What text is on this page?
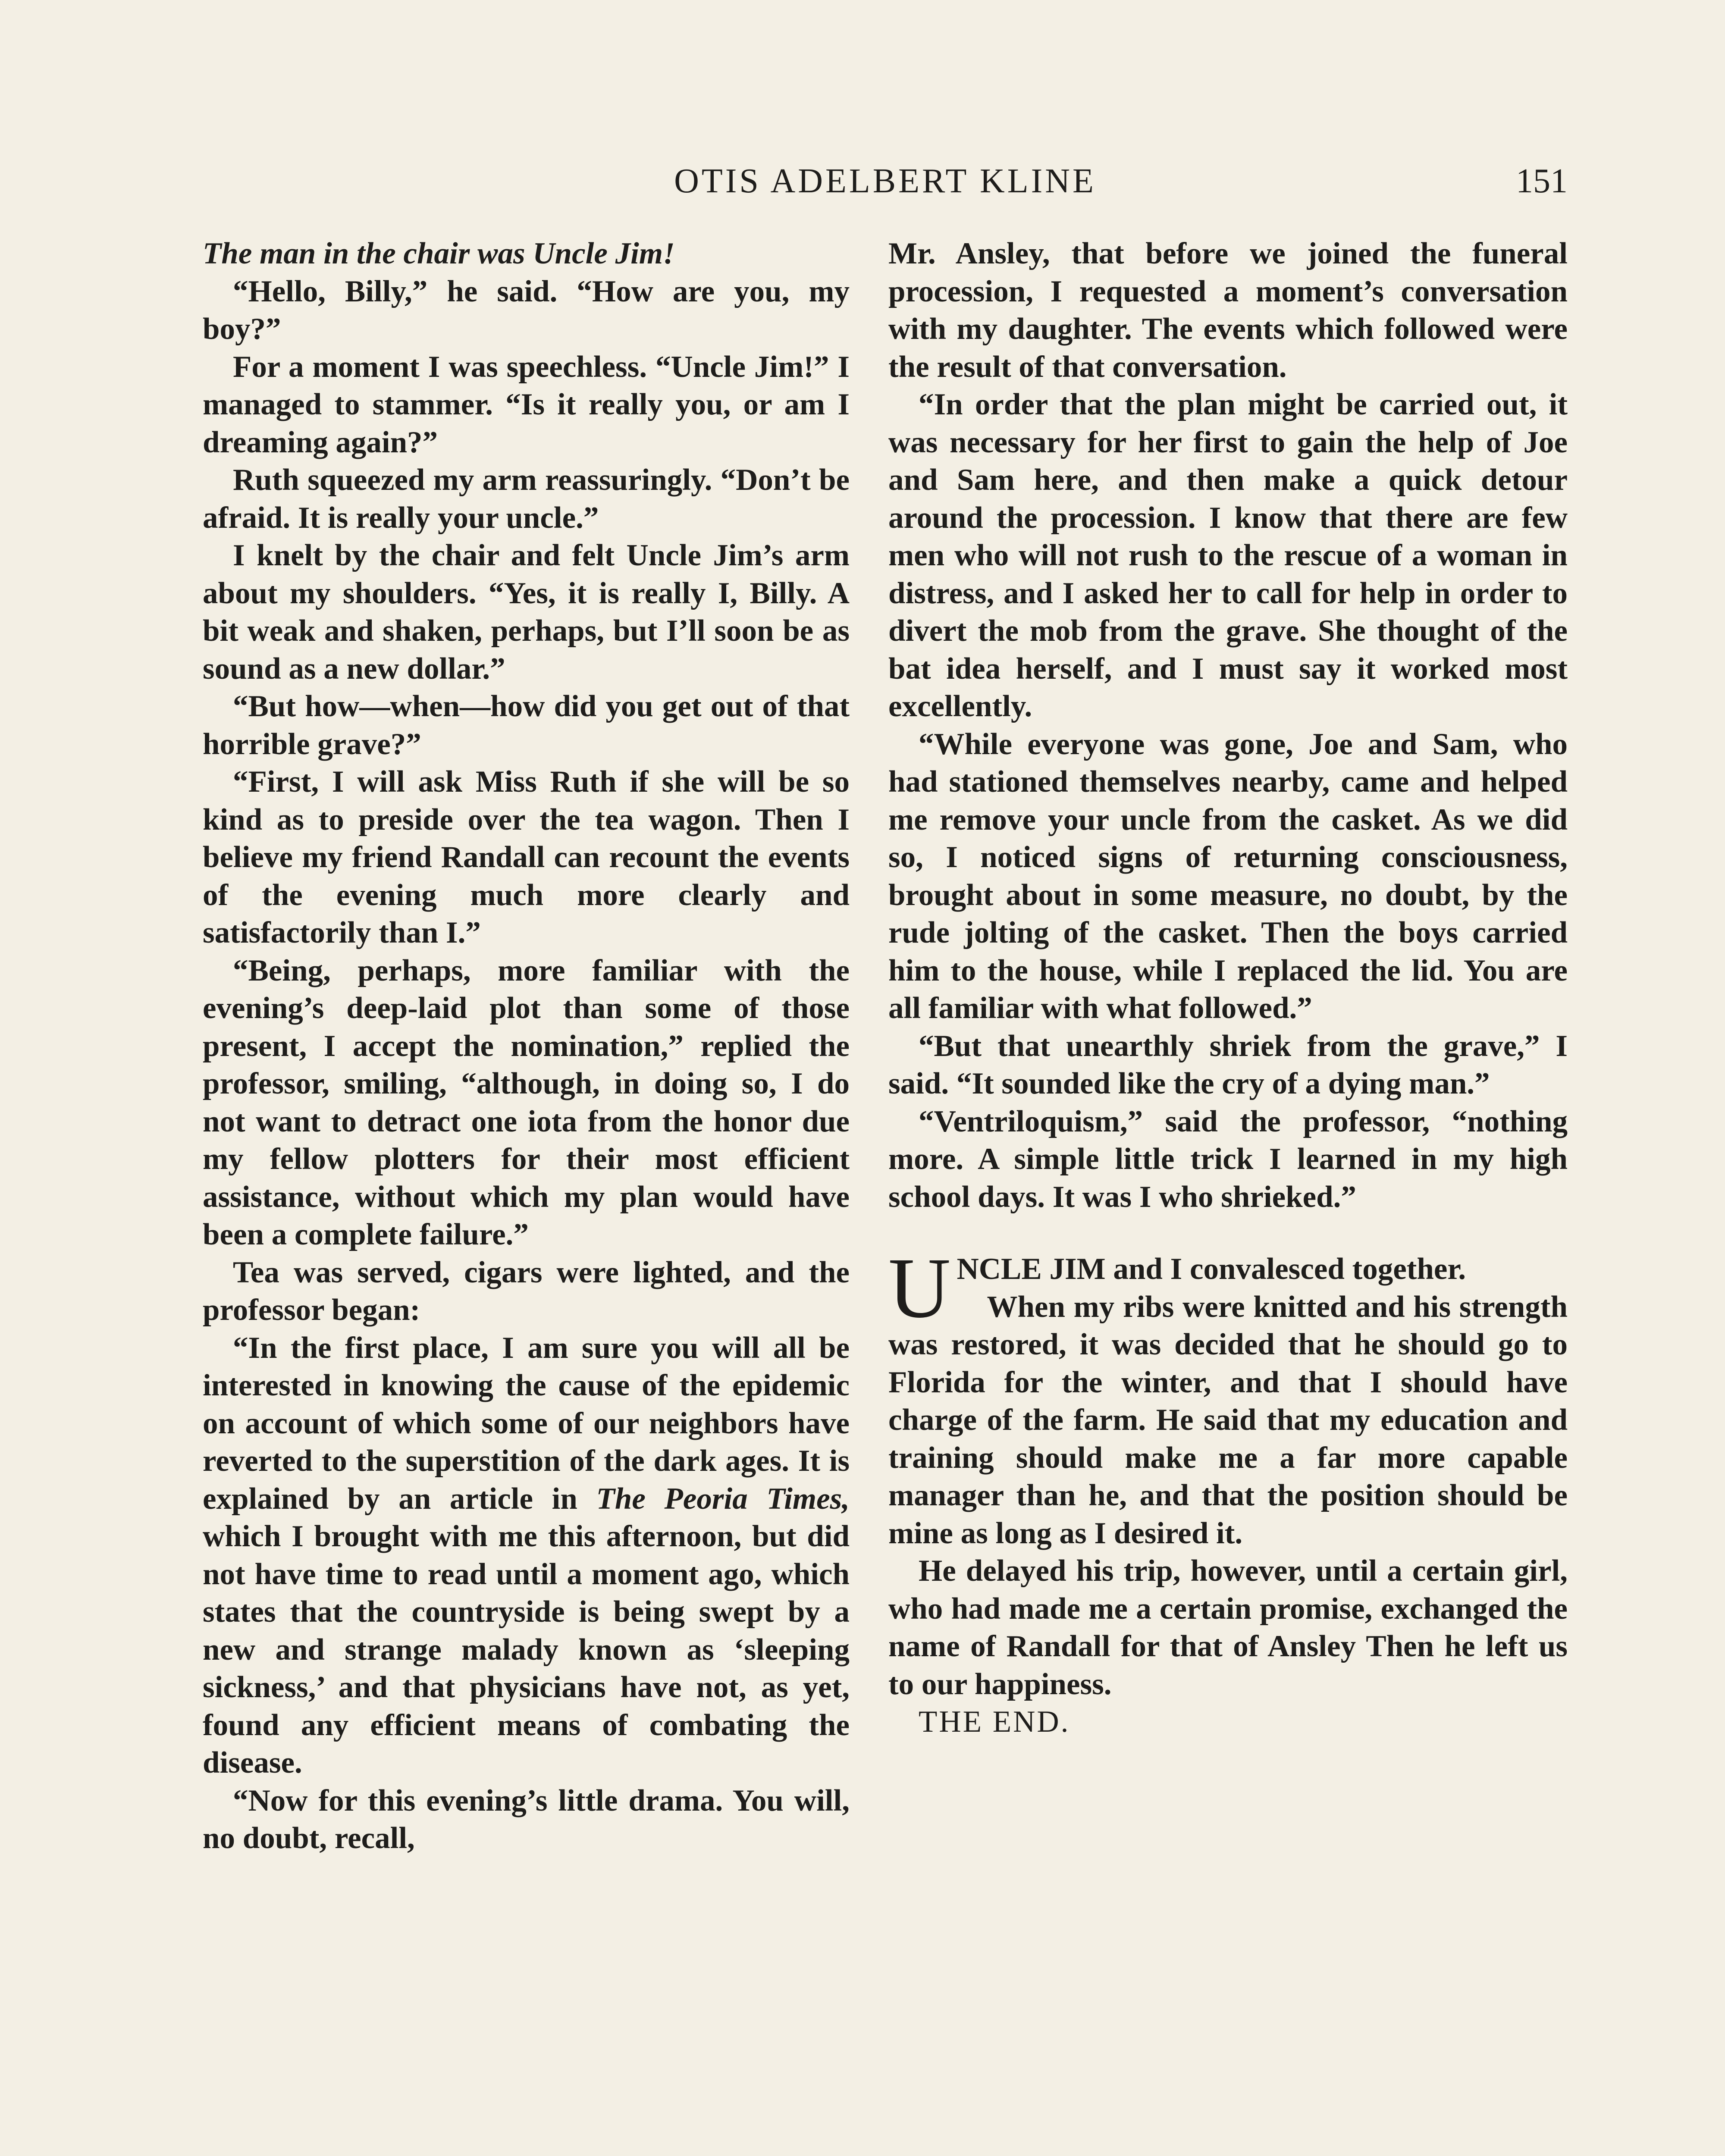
OTIS ADELBERT KLINE	151

The man in the chair was Uncle Jim!

“Hello, Billy,” he said. “How are you, my boy?”

For a moment I was speechless. “Uncle Jim!” I managed to stammer. “Is it really you, or am I dreaming again?”

Ruth squeezed my arm reassuringly. “Don’t be afraid. It is really your uncle.”

I knelt by the chair and felt Uncle Jim’s arm about my shoulders. “Yes, it is really I, Billy. A bit weak and shaken, perhaps, but I’ll soon be as sound as a new dollar.”

“But how—when—how did you get out of that horrible grave?”

“First, I will ask Miss Ruth if she will be so kind as to preside over the tea wagon. Then I believe my friend Randall can recount the events of the evening much more clearly and satisfactorily than I.”

“Being, perhaps, more familiar with the evening’s deep-laid plot than some of those present, I accept the nomination,” replied the professor, smiling, “although, in doing so, I do not want to detract one iota from the honor due my fellow plotters for their most efficient assistance, without which my plan would have been a complete failure.”

Tea was served, cigars were lighted, and the professor began:

“In the first place, I am sure you will all be interested in knowing the cause of the epidemic on account of which some of our neighbors have reverted to the superstition of the dark ages. It is explained by an article in The Peoria Times, which I brought with me this afternoon, but did not have time to read until a moment ago, which states that the countryside is being swept by a new and strange malady known as ‘sleeping sickness,’ and that physicians have not, as yet, found any efficient means of combating the disease.

“Now for this evening’s little drama. You will, no doubt, recall,

Mr. Ansley, that before we joined the funeral procession, I requested a moment’s conversation with my daughter. The events which followed were the result of that conversation.

“In order that the plan might be carried out, it was necessary for her first to gain the help of Joe and Sam here, and then make a quick detour around the procession. I know that there are few men who will not rush to the rescue of a woman in distress, and I asked her to call for help in order to divert the mob from the grave. She thought of the bat idea herself, and I must say it worked most excellently.

“While everyone was gone, Joe and Sam, who had stationed themselves nearby, came and helped me remove your uncle from the casket. As we did so, I noticed signs of returning consciousness, brought about in some measure, no doubt, by the rude jolting of the casket. Then the boys carried him to the house, while I replaced the lid. You are all familiar with what followed.”

“But that unearthly shriek from the grave,” I said. “It sounded like the cry of a dying man.”

“Ventriloquism,” said the professor, “nothing more. A simple little trick I learned in my high school days. It was I who shrieked.”

UNCLE JIM and I convalesced together.

When my ribs were knitted and his strength was restored, it was decided that he should go to Florida for the winter, and that I should have charge of the farm. He said that my education and training should make me a far more capable manager than he, and that the position should be mine as long as I desired it.

He delayed his trip, however, until a certain girl, who had made me a certain promise, exchanged the name of Randall for that of Ansley Then he left us to our happiness.

THE END.
